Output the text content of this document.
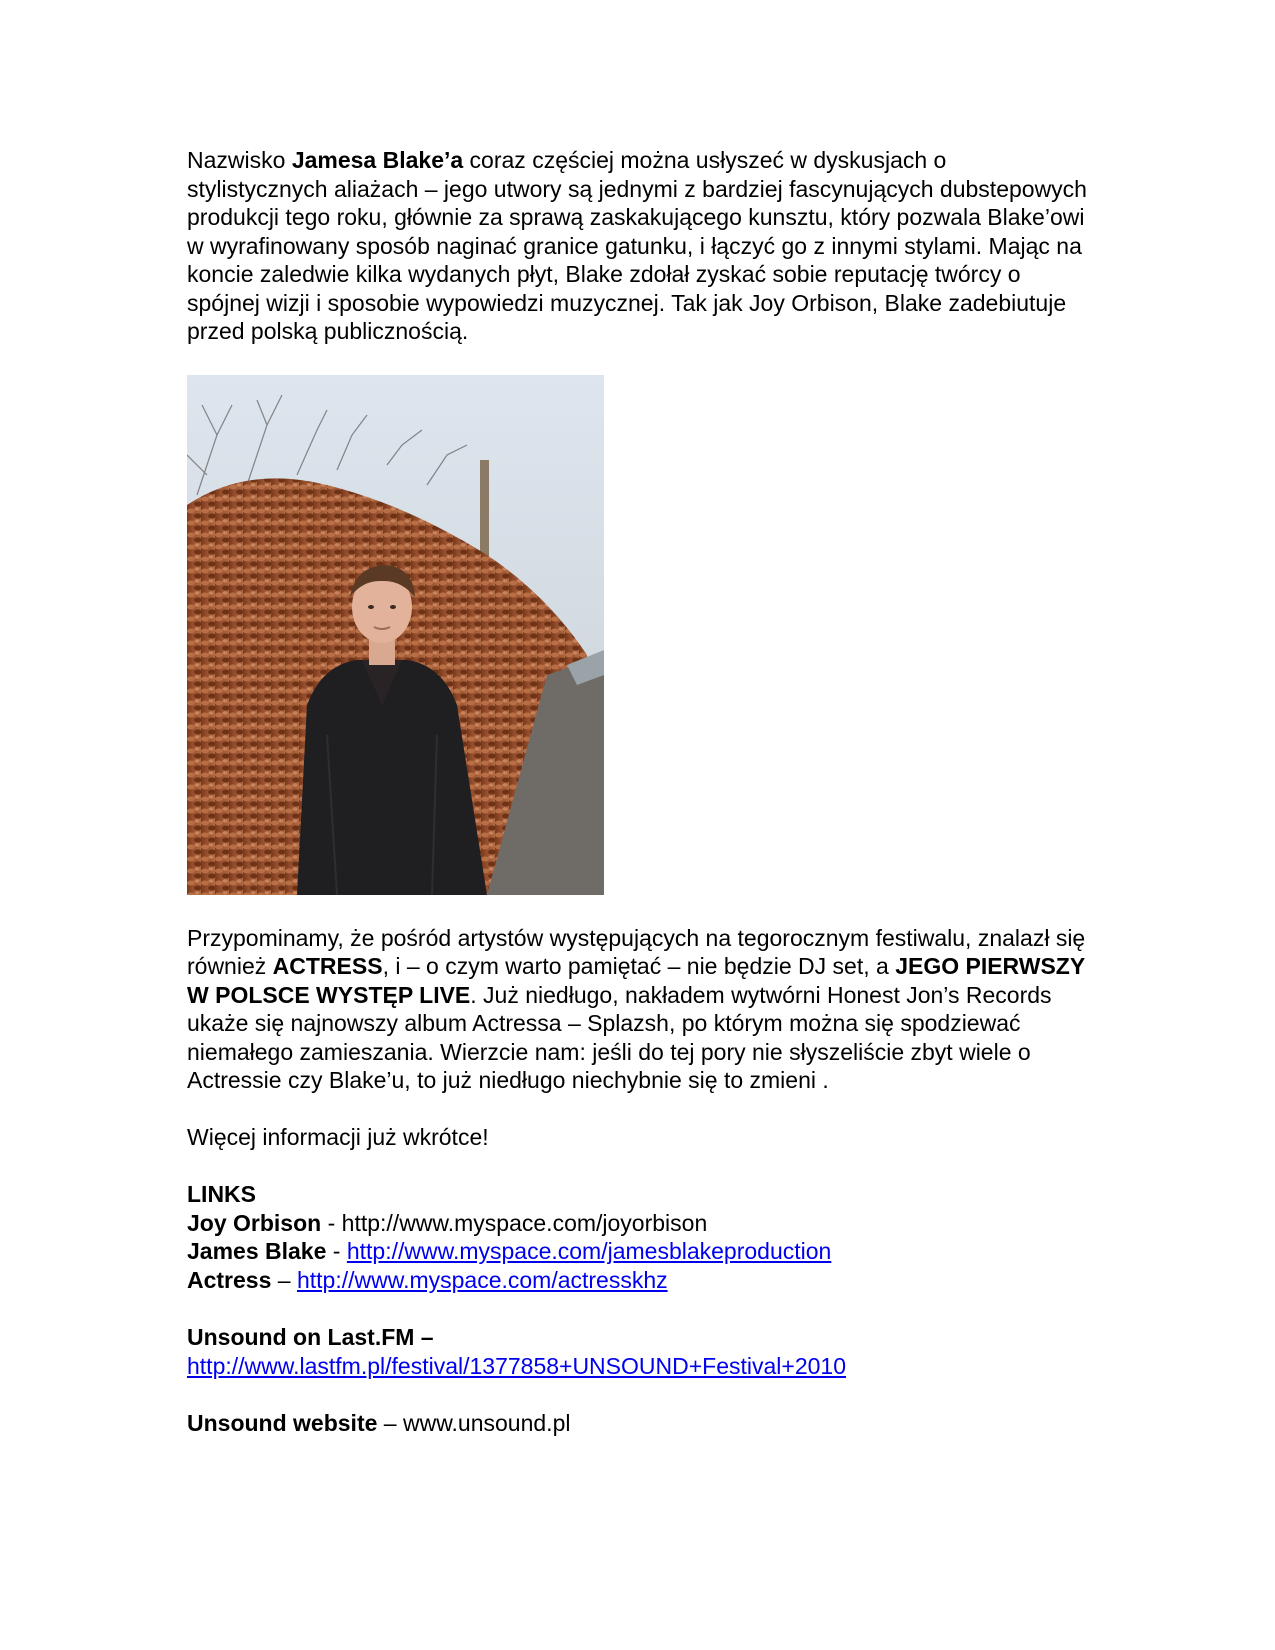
Nazwisko Jamesa Blake’a coraz częściej można usłyszeć w dyskusjach o stylistycznych aliażach – jego utwory są jednymi z bardziej fascynujących dubstepowych produkcji tego roku, głównie za sprawą zaskakującego kunsztu, który pozwala Blake’owi w wyrafinowany sposób naginać granice gatunku, i łączyć go z innymi stylami. Mając na koncie zaledwie kilka wydanych płyt, Blake zdołał zyskać sobie reputację twórcy o spójnej wizji i sposobie wypowiedzi muzycznej. Tak jak Joy Orbison, Blake zadebiutuje przed polską publicznością.

Przypominamy, że pośród artystów występujących na tegorocznym festiwalu, znalazł się również ACTRESS, i – o czym warto pamiętać – nie będzie DJ set, a JEGO PIERWSZY W POLSCE WYSTĘP LIVE. Już niedługo, nakładem wytwórni Honest Jon’s Records ukaże się najnowszy album Actressa – Splazsh, po którym można się spodziewać niemałego zamieszania. Wierzcie nam: jeśli do tej pory nie słyszeliście zbyt wiele o Actressie czy Blake’u, to już niedługo niechybnie się to zmieni .

Więcej informacji już wkrótce!

LINKS

Joy Orbison - http://www.myspace.com/joyorbison

James Blake - http://www.myspace.com/jamesblakeproduction

Actress – http://www.myspace.com/actresskhz

Unsound on Last.FM –

http://www.lastfm.pl/festival/1377858+UNSOUND+Festival+2010

Unsound website – www.unsound.pl
